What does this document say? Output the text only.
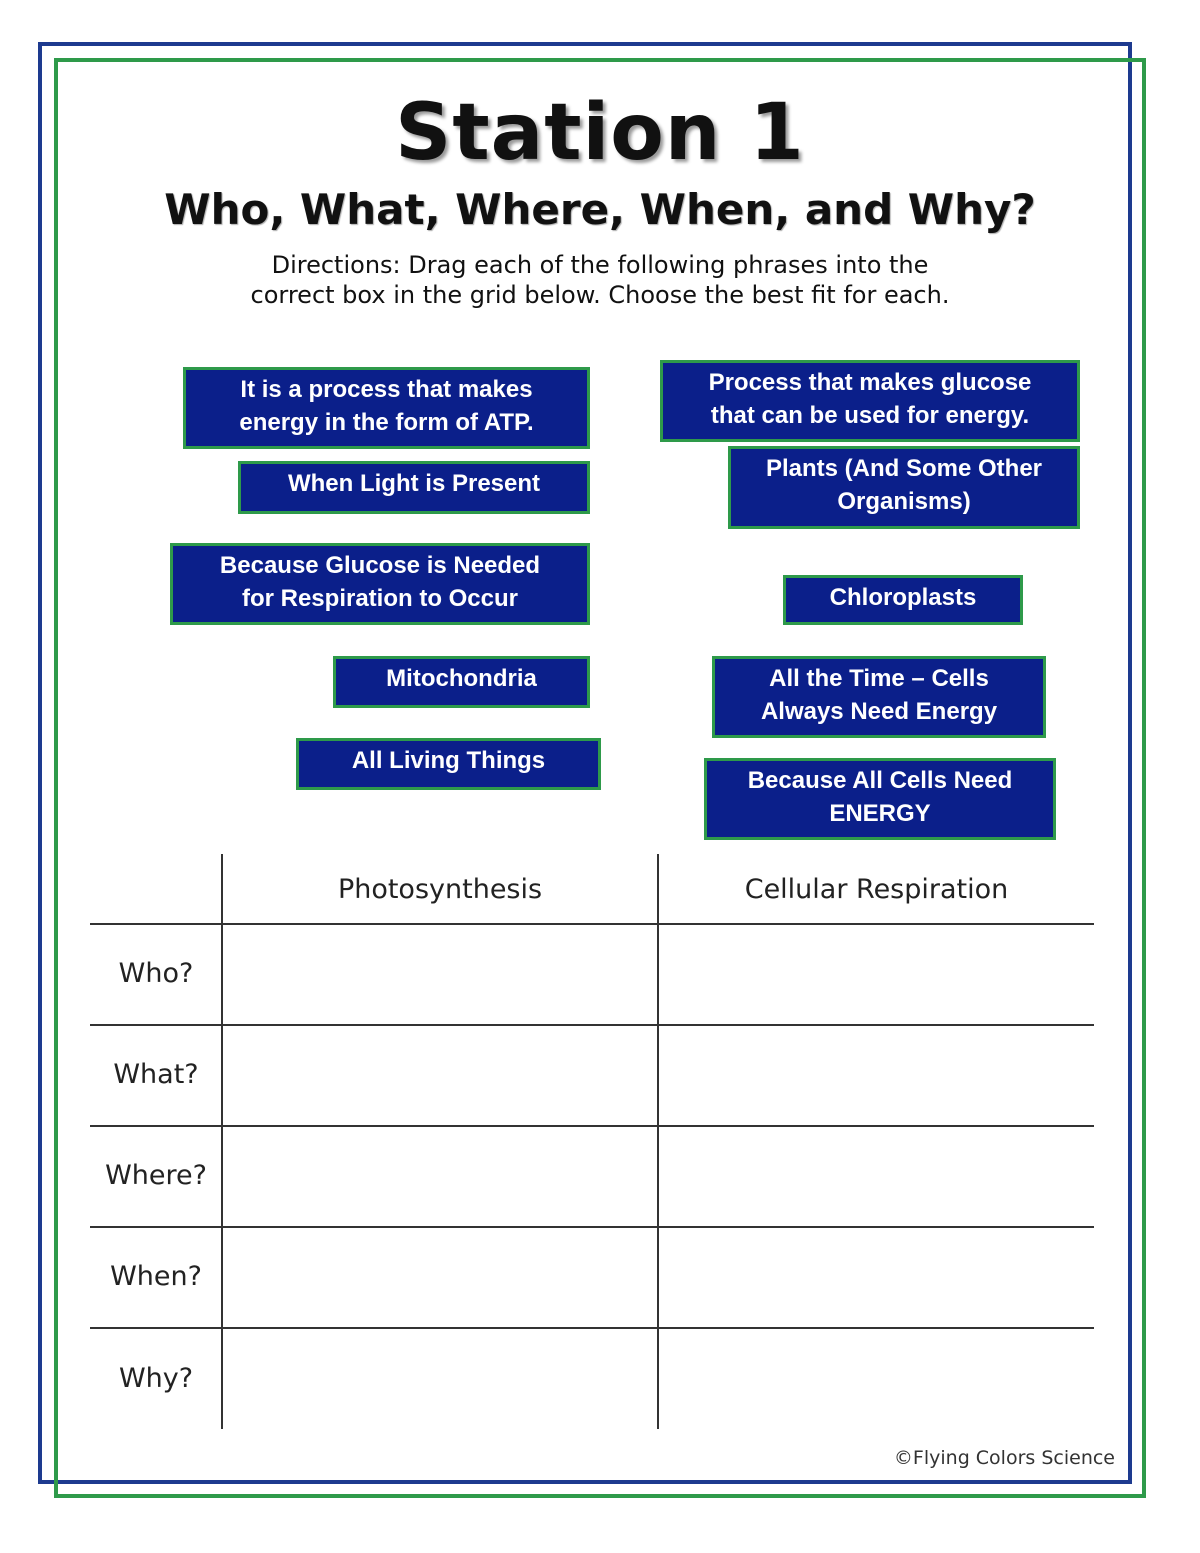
Station 1
Who, What, Where, When, and Why?
Directions: Drag each of the following phrases into the
correct box in the grid below. Choose the best fit for each.
It is a process that makes
energy in the form of ATP.
Process that makes glucose
that can be used for energy.
When Light is Present
Plants (And Some Other
Organisms)
Because Glucose is Needed
for Respiration to Occur	Chloroplasts
Mitochondria	All the Time – Cells
Always Need Energy
All Living Things
Because All Cells Need
ENERGY
Photosynthesis	Cellular Respiration
Who?
What?
Where?
When?
Why?
©Flying Colors Science
